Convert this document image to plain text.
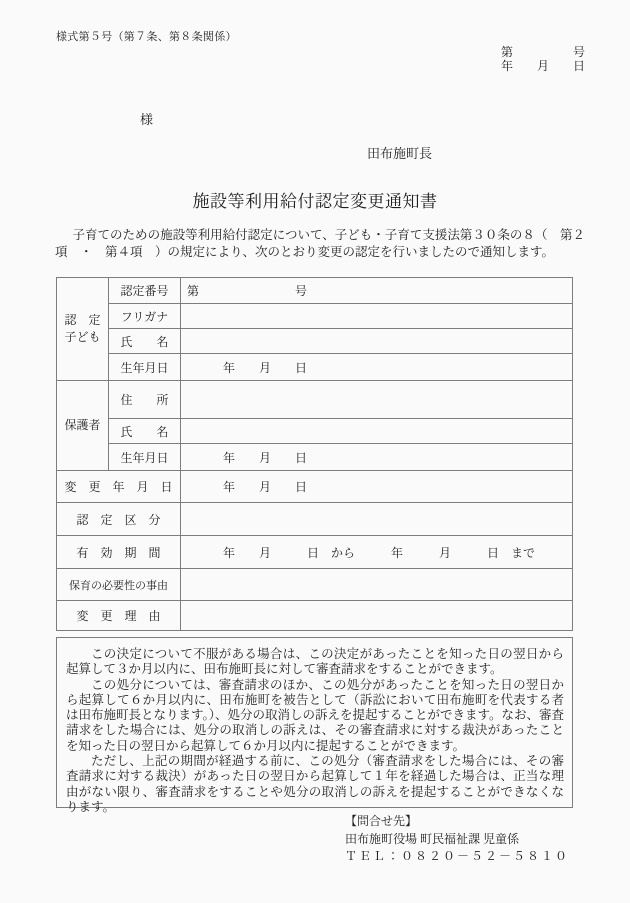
様式第５号（第７条、第８条関係）
第　　　　　号
年　　月　　日
様
田布施町長
施設等利用給付認定変更通知書

子育てのための施設等利用給付認定について、子ども・子育て支援法第３０条の８（　第２項　・　第４項　）の規定により、次のとおり変更の認定を行いましたので通知します。

認　定
子ども	認定番号	第　　　　　　　　号
	フリガナ	
	氏　　名	
	生年月日	　　　年　　月　　日
保護者	住　　所	
	氏　　名	
	生年月日	　　　年　　月　　日
変　更　年　月　日		　　　年　　月　　日
認　定　区　分		
有　効　期　間		　　　年　　月　　　日　から　　　年　　　月　　　日　まで
保育の必要性の事由		
変　更　理　由		

この決定について不服がある場合は、この決定があったことを知った日の翌日から起算して３か月以内に、田布施町長に対して審査請求をすることができます。

この処分については、審査請求のほか、この処分があったことを知った日の翌日から起算して６か月以内に、田布施町を被告として（訴訟において田布施町を代表する者は田布施町長となります。）、処分の取消しの訴えを提起することができます。なお、審査請求をした場合には、処分の取消しの訴えは、その審査請求に対する裁決があったことを知った日の翌日から起算して６か月以内に提起することができます。

ただし、上記の期間が経過する前に、この処分（審査請求をした場合には、その審査請求に対する裁決）があった日の翌日から起算して１年を経過した場合は、正当な理由がない限り、審査請求をすることや処分の取消しの訴えを提起することができなくなります。

【問合せ先】
田布施町役場 町民福祉課 児童係
ＴＥＬ：０８２０－５２－５８１０
